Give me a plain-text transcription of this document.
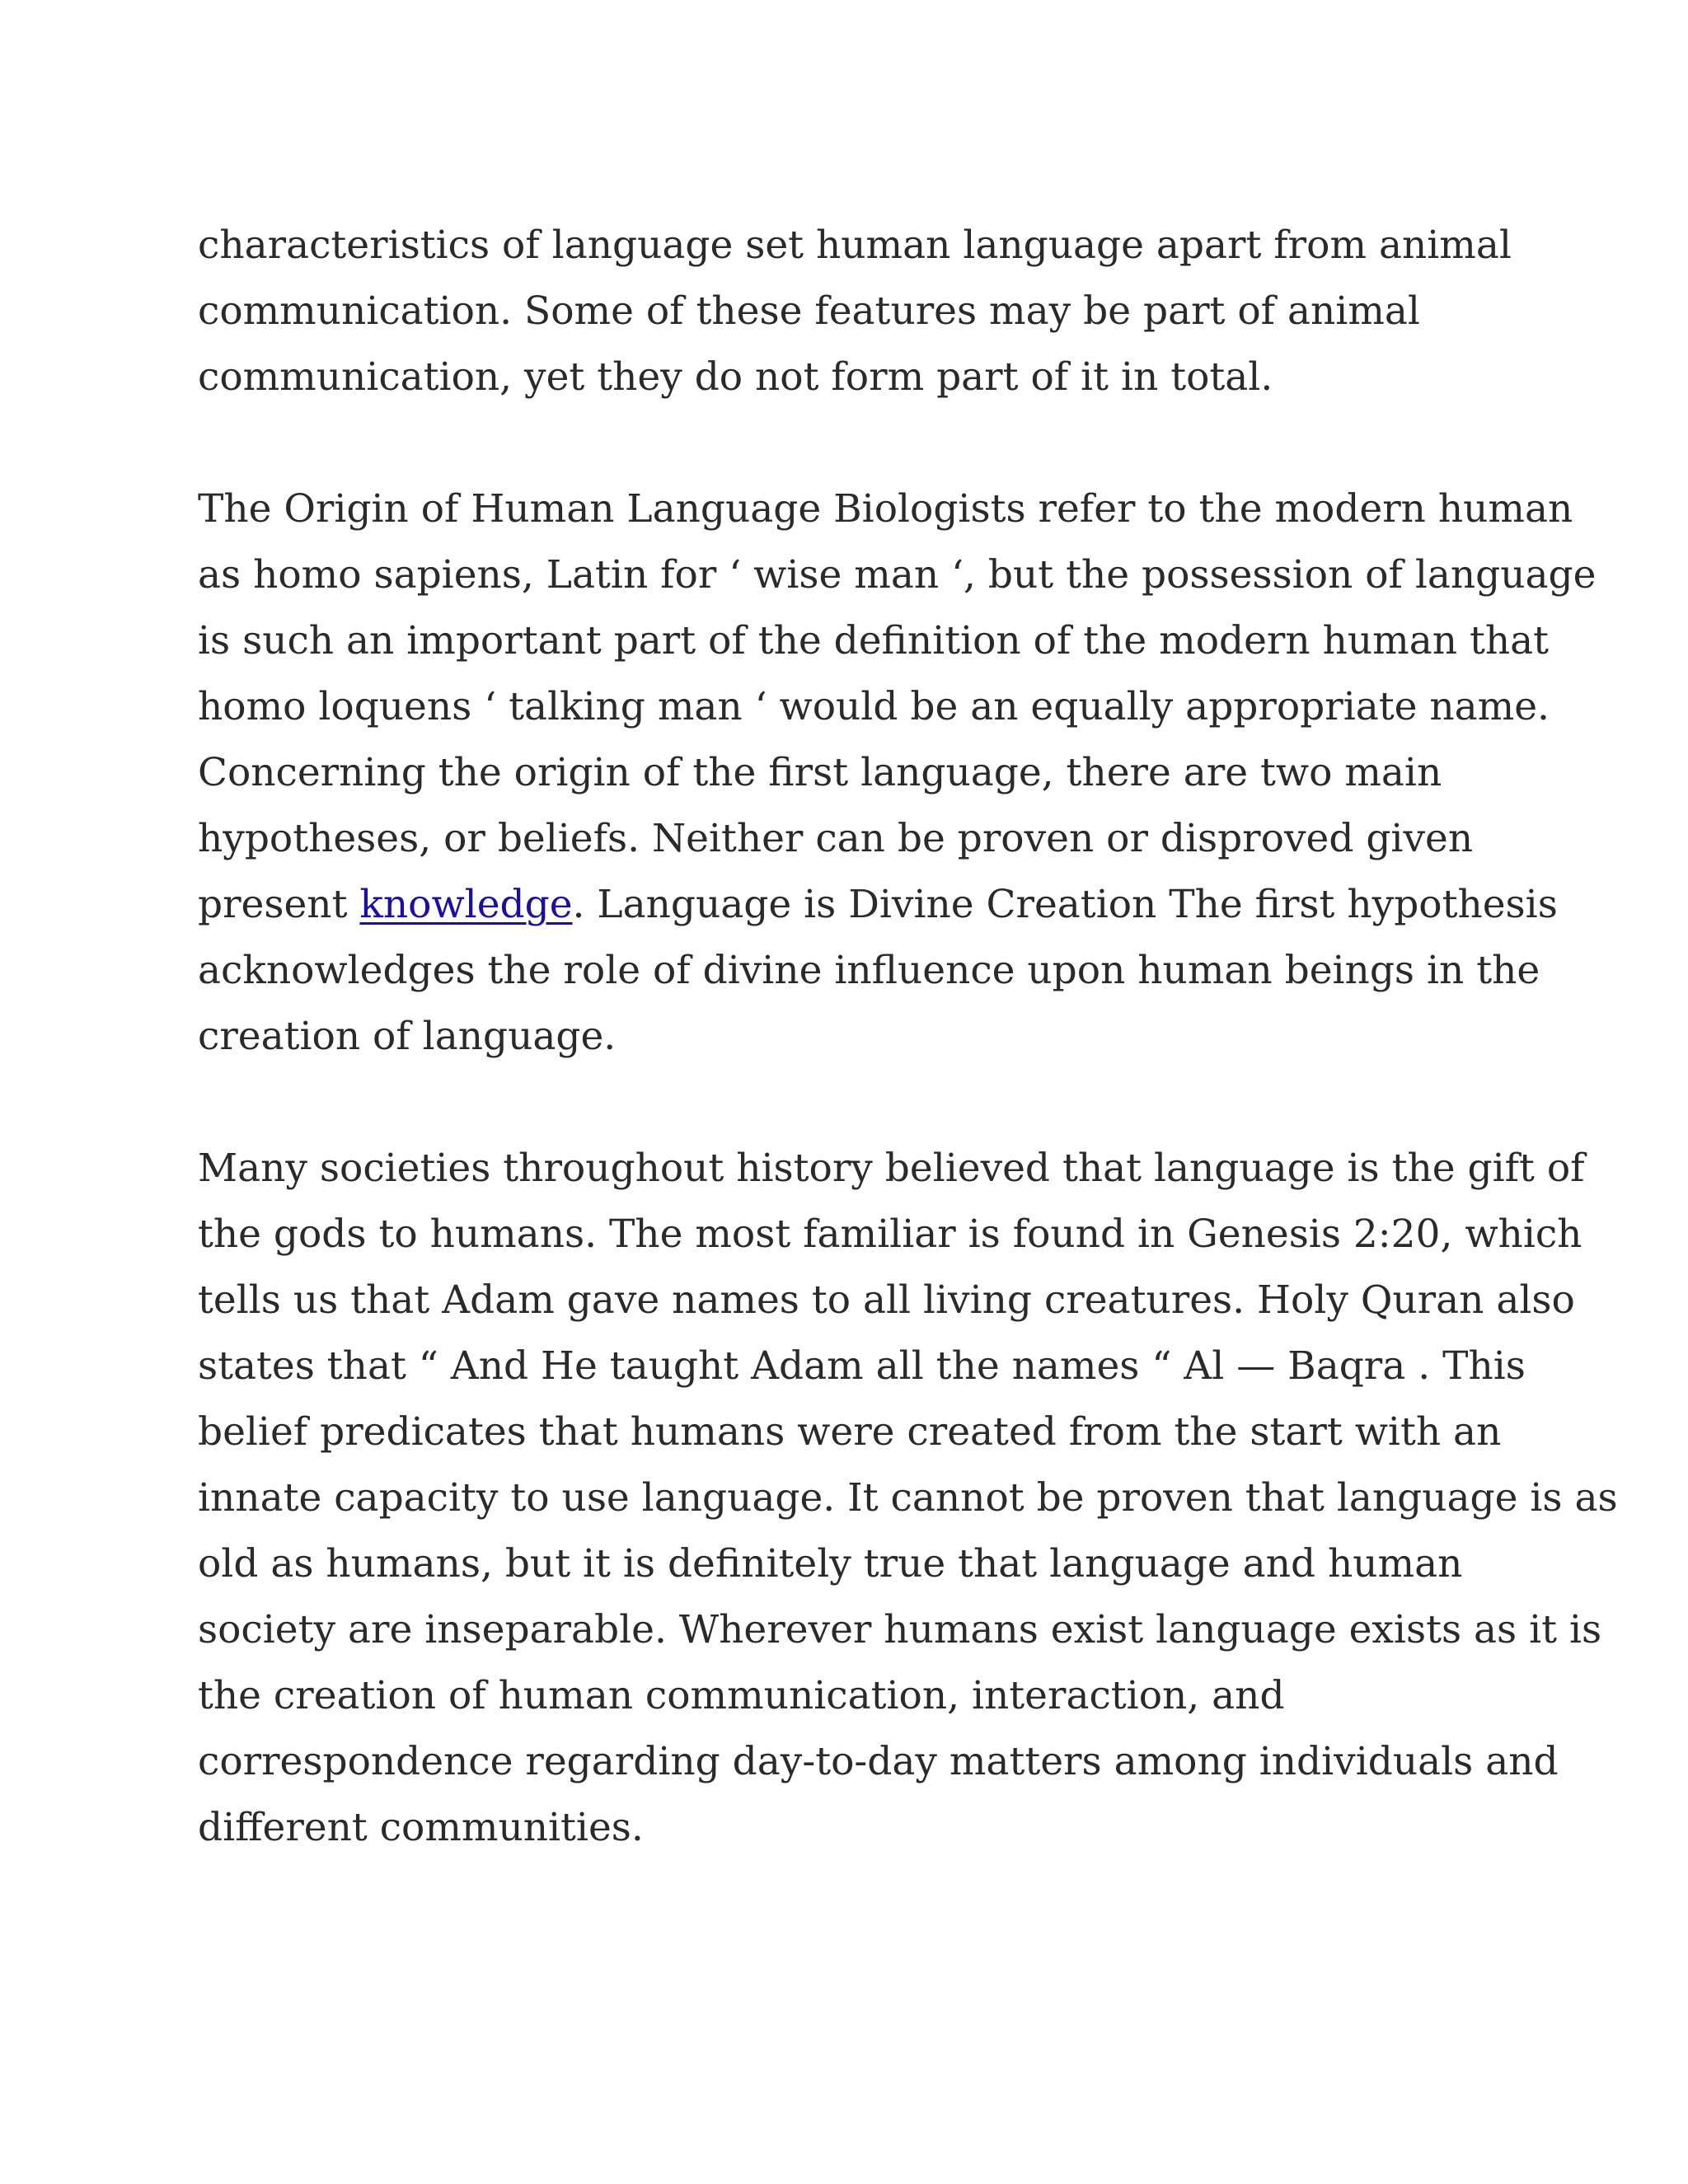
characteristics of language set human language apart from animal
communication. Some of these features may be part of animal
communication, yet they do not form part of it in total.
The Origin of Human Language Biologists refer to the modern human
as homo sapiens, Latin for ‘ wise man ‘, but the possession of language
is such an important part of the definition of the modern human that
homo loquens ‘ talking man ‘ would be an equally appropriate name.
Concerning the origin of the first language, there are two main
hypotheses, or beliefs. Neither can be proven or disproved given
present knowledge. Language is Divine Creation The first hypothesis
acknowledges the role of divine influence upon human beings in the
creation of language.
Many societies throughout history believed that language is the gift of
the gods to humans. The most familiar is found in Genesis 2:20, which
tells us that Adam gave names to all living creatures. Holy Quran also
states that “ And He taught Adam all the names “ Al — Baqra . This
belief predicates that humans were created from the start with an
innate capacity to use language. It cannot be proven that language is as
old as humans, but it is definitely true that language and human
society are inseparable. Wherever humans exist language exists as it is
the creation of human communication, interaction, and
correspondence regarding day-to-day matters among individuals and
different communities.
